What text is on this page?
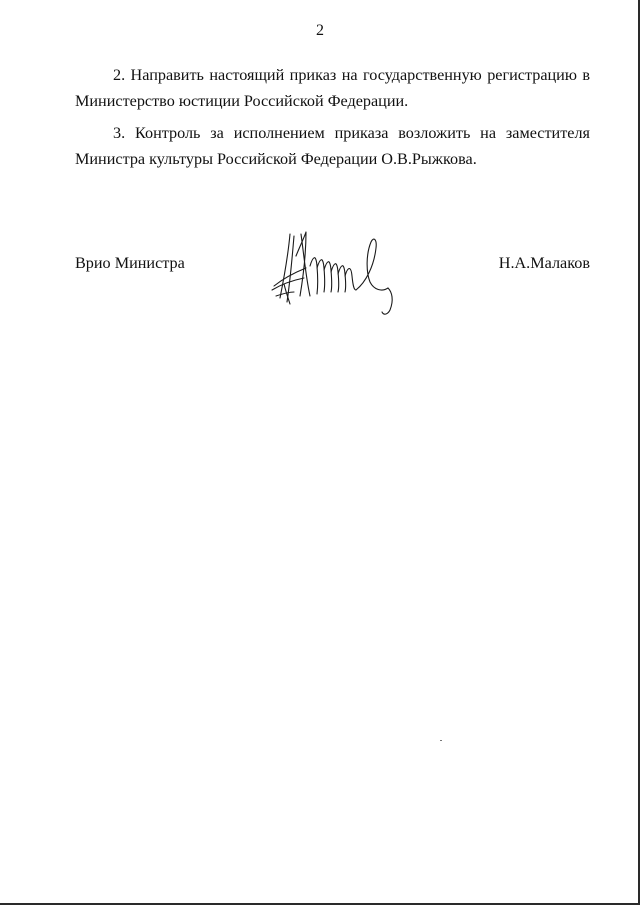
2

2. Направить настоящий приказ на государственную регистрацию в Министерство юстиции Российской Федерации.

3. Контроль за исполнением приказа возложить на заместителя Министра культуры Российской Федерации О.В.Рыжкова.

Врио Министра	Н.А.Малаков
